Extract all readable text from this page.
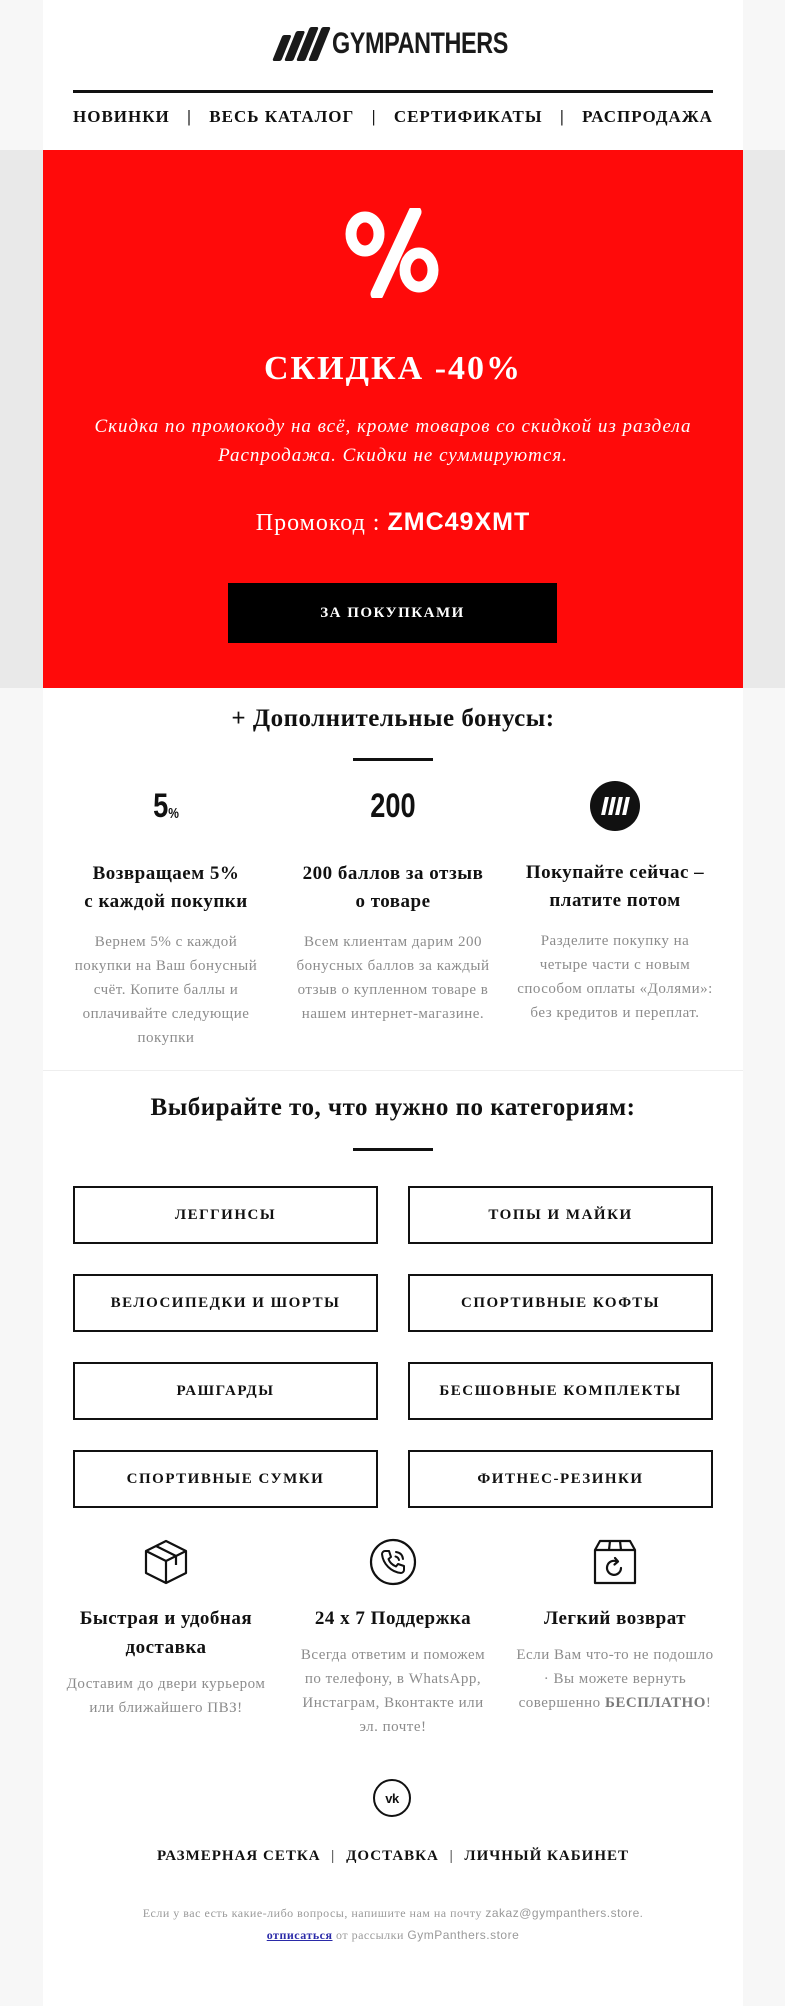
GYMPANTHERS
НОВИНКИ | ВЕСЬ КАТАЛОГ | СЕРТИФИКАТЫ | РАСПРОДАЖА
СКИДКА -40%
Скидка по промокоду на всё, кроме товаров со скидкой из раздела Распродажа. Скидки не суммируются.
Промокод : ZMC49XMT
ЗА ПОКУПКАМИ
+ Дополнительные бонусы:
5 %
Возвращаем 5%
с каждой покупки
Вернем 5% с каждой покупки на Ваш бонусный счёт. Копите баллы и оплачивайте следующие покупки
200
200 баллов за отзыв
о товаре
Всем клиентам дарим 200 бонусных баллов за каждый отзыв о купленном товаре в нашем интернет-магазине.
Покупайте сейчас –
платите потом
Разделите покупку на четыре части с новым способом оплаты «Долями»: без кредитов и переплат.
Выбирайте то, что нужно по категориям:
ЛЕГГИНСЫ	ТОПЫ И МАЙКИ
ВЕЛОСИПЕДКИ И ШОРТЫ	СПОРТИВНЫЕ КОФТЫ
РАШГАРДЫ	БЕСШОВНЫЕ КОМПЛЕКТЫ
СПОРТИВНЫЕ СУМКИ	ФИТНЕС-РЕЗИНКИ
Быстрая и удобная
доставка
Доставим до двери курьером или ближайшего ПВЗ!
24 x 7 Поддержка
Всегда ответим и поможем по телефону, в WhatsApp, Инстаграм, Вконтакте или эл. почте!
Легкий возврат
Если Вам что-то не подошло · Вы можете вернуть совершенно БЕСПЛАТНО!
vk
РАЗМЕРНАЯ СЕТКА | ДОСТАВКА | ЛИЧНЫЙ КАБИНЕТ
Если у вас есть какие-либо вопросы, напишите нам на почту zakaz@gympanthers.store.
отписаться от рассылки GymPanthers.store
